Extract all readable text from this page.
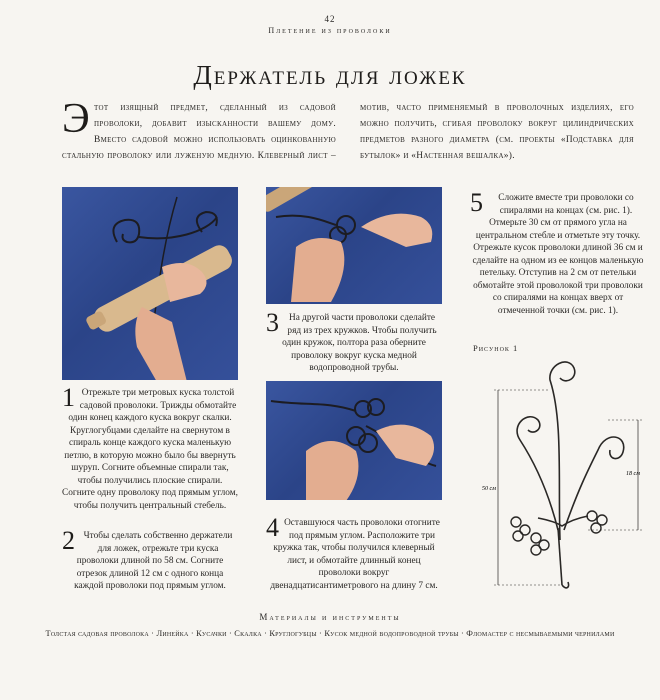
42
Плетение из проволоки
Держатель для ложек
Этот изящный предмет, сделанный из садовой проволоки, добавит изысканности вашему дому. Вместо садовой можно использовать оцинкованную стальную проволоку или луженую медную. Клеверный лист – мотив, часто применяемый в проволочных изделиях, его можно получить, сгибая проволоку вокруг цилиндрических предметов разного диаметра (см. проекты «Подставка для бутылок» и «Настенная вешалка»).
1 Отрежьте три метровых куска толстой садовой проволоки. Трижды обмотайте один конец каждого куска вокруг скалки. Круглогубцами сделайте на свернутом в спираль конце каждого куска маленькую петлю, в которую можно было бы ввернуть шуруп. Согните объемные спирали так, чтобы получились плоские спирали. Согните одну проволоку под прямым углом, чтобы получить центральный стебель.
2 Чтобы сделать собственно держатели для ложек, отрежьте три куска проволоки длиной по 58 см. Согните отрезок длиной 12 см с одного конца каждой проволоки под прямым углом.
3 На другой части проволоки сделайте ряд из трех кружков. Чтобы получить один кружок, полтора раза оберните проволоку вокруг куска медной водопроводной трубы.
4 Оставшуюся часть проволоки отогните под прямым углом. Расположите три кружка так, чтобы получился клеверный лист, и обмотайте длинный конец проволоки вокруг двенадцатисантиметрового на длину 7 см.
5 Сложите вместе три проволоки со спиралями на концах (см. рис. 1). Отмерьте 30 см от прямого угла на центральном стебле и отметьте эту точку. Отрежьте кусок проволоки длиной 36 см и сделайте на одном из ее концов маленькую петельку. Отступив на 2 см от петельки обмотайте этой проволокой три проволоки со спиралями на концах вверх от отмеченной точки (см. рис. 1).
Рисунок 1
50 см
18 см
Материалы и инструменты
Толстая садовая проволока · Линейка · Кусачки · Скалка · Круглогубцы · Кусок медной водопроводной трубы · Фломастер с несмываемыми чернилами
